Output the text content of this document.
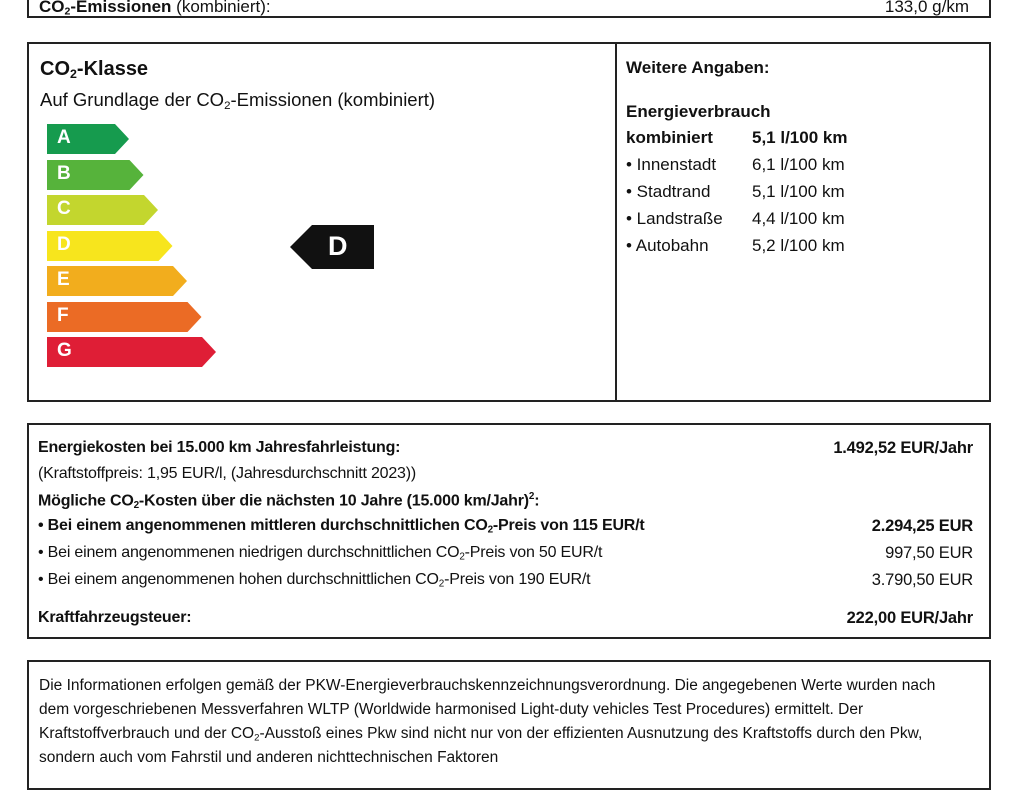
$CO_2$-Emissionen (kombiniert):	133,0 g/km
$CO_2$-Klasse
Auf Grundlage der $CO_2$-Emissionen (kombiniert)
A
B
C
D
E
F
G
D
Weitere Angaben:
Energieverbrauch
kombiniert 5,1 l/100 km
• Innenstadt 6,1 l/100 km
• Stadtrand 5,1 l/100 km
• Landstraße 4,4 l/100 km
• Autobahn	5,2 l/100 km
Energiekosten bei 15.000 km Jahresfahrleistung:	1.492,52 EUR/Jahr
(Kraftstoffpreis: 1,95 EUR/l, (Jahresdurchschnitt 2023))
Mögliche $CO_2$-Kosten über die nächsten 10 Jahre (15.000 km/Jahr)$^2$:
• Bei einem angenommenen mittleren durchschnittlichen $CO_2$-Preis von 115 EUR/t	2.294,25 EUR
• Bei einem angenommenen niedrigen durchschnittlichen $CO_2$-Preis von 50 EUR/t	997,50 EUR
• Bei einem angenommenen hohen durchschnittlichen $CO_2$-Preis von 190 EUR/t	3.790,50 EUR
Kraftfahrzeugsteuer:	222,00 EUR/Jahr
Die Informationen erfolgen gemäß der PKW-Energieverbrauchskennzeichnungsverordnung. Die angegebenen Werte wurden nach dem vorgeschriebenen Messverfahren WLTP (Worldwide harmonised Light-duty vehicles Test Procedures) ermittelt. Der Kraftstoffverbrauch und der $CO_2$-Ausstoß eines Pkw sind nicht nur von der effizienten Ausnutzung des Kraftstoffs durch den Pkw, sondern auch vom Fahrstil und anderen nichttechnischen Faktoren
